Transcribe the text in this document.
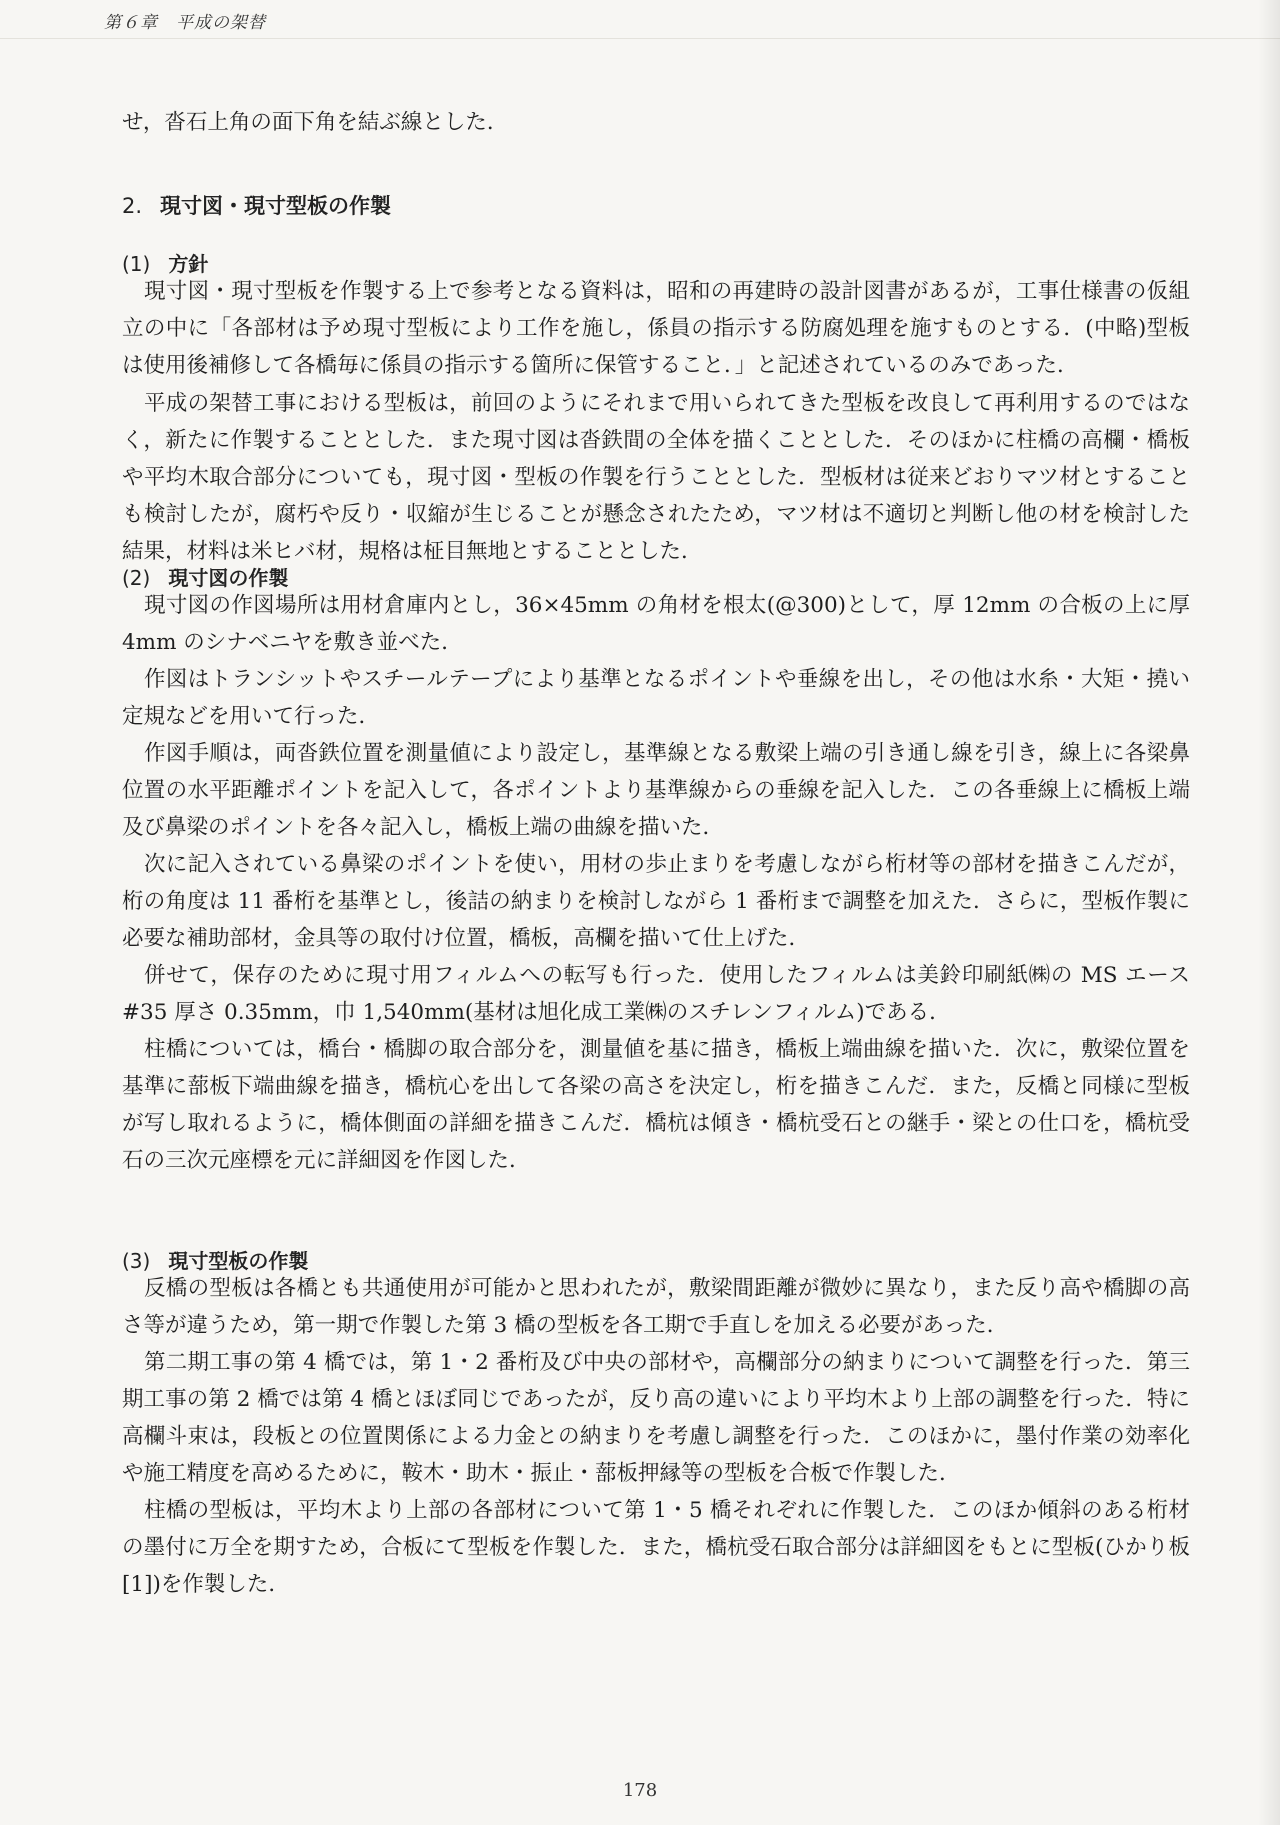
第６章　平成の架替

せ，沓石上角の面下角を結ぶ線とした．

2. 現寸図・現寸型板の作製
(1) 方針

現寸図・現寸型板を作製する上で参考となる資料は，昭和の再建時の設計図書があるが，工事仕様書の仮組立の中に「各部材は予め現寸型板により工作を施し，係員の指示する防腐処理を施すものとする．(中略)型板は使用後補修して各橋毎に係員の指示する箇所に保管すること．」と記述されているのみであった．

平成の架替工事における型板は，前回のようにそれまで用いられてきた型板を改良して再利用するのではなく，新たに作製することとした．また現寸図は沓鉄間の全体を描くこととした．そのほかに柱橋の高欄・橋板や平均木取合部分についても，現寸図・型板の作製を行うこととした．型板材は従来どおりマツ材とすることも検討したが，腐朽や反り・収縮が生じることが懸念されたため，マツ材は不適切と判断し他の材を検討した結果，材料は米ヒバ材，規格は柾目無地とすることとした．

(2) 現寸図の作製

現寸図の作図場所は用材倉庫内とし，36×45mm の角材を根太(@300)として，厚 12mm の合板の上に厚 4mm のシナベニヤを敷き並べた．

作図はトランシットやスチールテープにより基準となるポイントや垂線を出し，その他は水糸・大矩・撓い定規などを用いて行った．

作図手順は，両沓鉄位置を測量値により設定し，基準線となる敷梁上端の引き通し線を引き，線上に各梁鼻位置の水平距離ポイントを記入して，各ポイントより基準線からの垂線を記入した．この各垂線上に橋板上端及び鼻梁のポイントを各々記入し，橋板上端の曲線を描いた．

次に記入されている鼻梁のポイントを使い，用材の歩止まりを考慮しながら桁材等の部材を描きこんだが，桁の角度は 11 番桁を基準とし，後詰の納まりを検討しながら 1 番桁まで調整を加えた．さらに，型板作製に必要な補助部材，金具等の取付け位置，橋板，高欄を描いて仕上げた．

併せて，保存のために現寸用フィルムへの転写も行った．使用したフィルムは美鈴印刷紙㈱の MS エース#35 厚さ 0.35mm，巾 1,540mm(基材は旭化成工業㈱のスチレンフィルム)である．

柱橋については，橋台・橋脚の取合部分を，測量値を基に描き，橋板上端曲線を描いた．次に，敷梁位置を基準に蔀板下端曲線を描き，橋杭心を出して各梁の高さを決定し，桁を描きこんだ．また，反橋と同様に型板が写し取れるように，橋体側面の詳細を描きこんだ．橋杭は傾き・橋杭受石との継手・梁との仕口を，橋杭受石の三次元座標を元に詳細図を作図した．

(3) 現寸型板の作製

反橋の型板は各橋とも共通使用が可能かと思われたが，敷梁間距離が微妙に異なり，また反り高や橋脚の高さ等が違うため，第一期で作製した第 3 橋の型板を各工期で手直しを加える必要があった．

第二期工事の第 4 橋では，第 1・2 番桁及び中央の部材や，高欄部分の納まりについて調整を行った．第三期工事の第 2 橋では第 4 橋とほぼ同じであったが，反り高の違いにより平均木より上部の調整を行った．特に高欄斗束は，段板との位置関係による力金との納まりを考慮し調整を行った．このほかに，墨付作業の効率化や施工精度を高めるために，鞍木・助木・振止・蔀板押縁等の型板を合板で作製した．

柱橋の型板は，平均木より上部の各部材について第 1・5 橋それぞれに作製した．このほか傾斜のある桁材の墨付に万全を期すため，合板にて型板を作製した．また，橋杭受石取合部分は詳細図をもとに型板(ひかり板[1])を作製した．

178
